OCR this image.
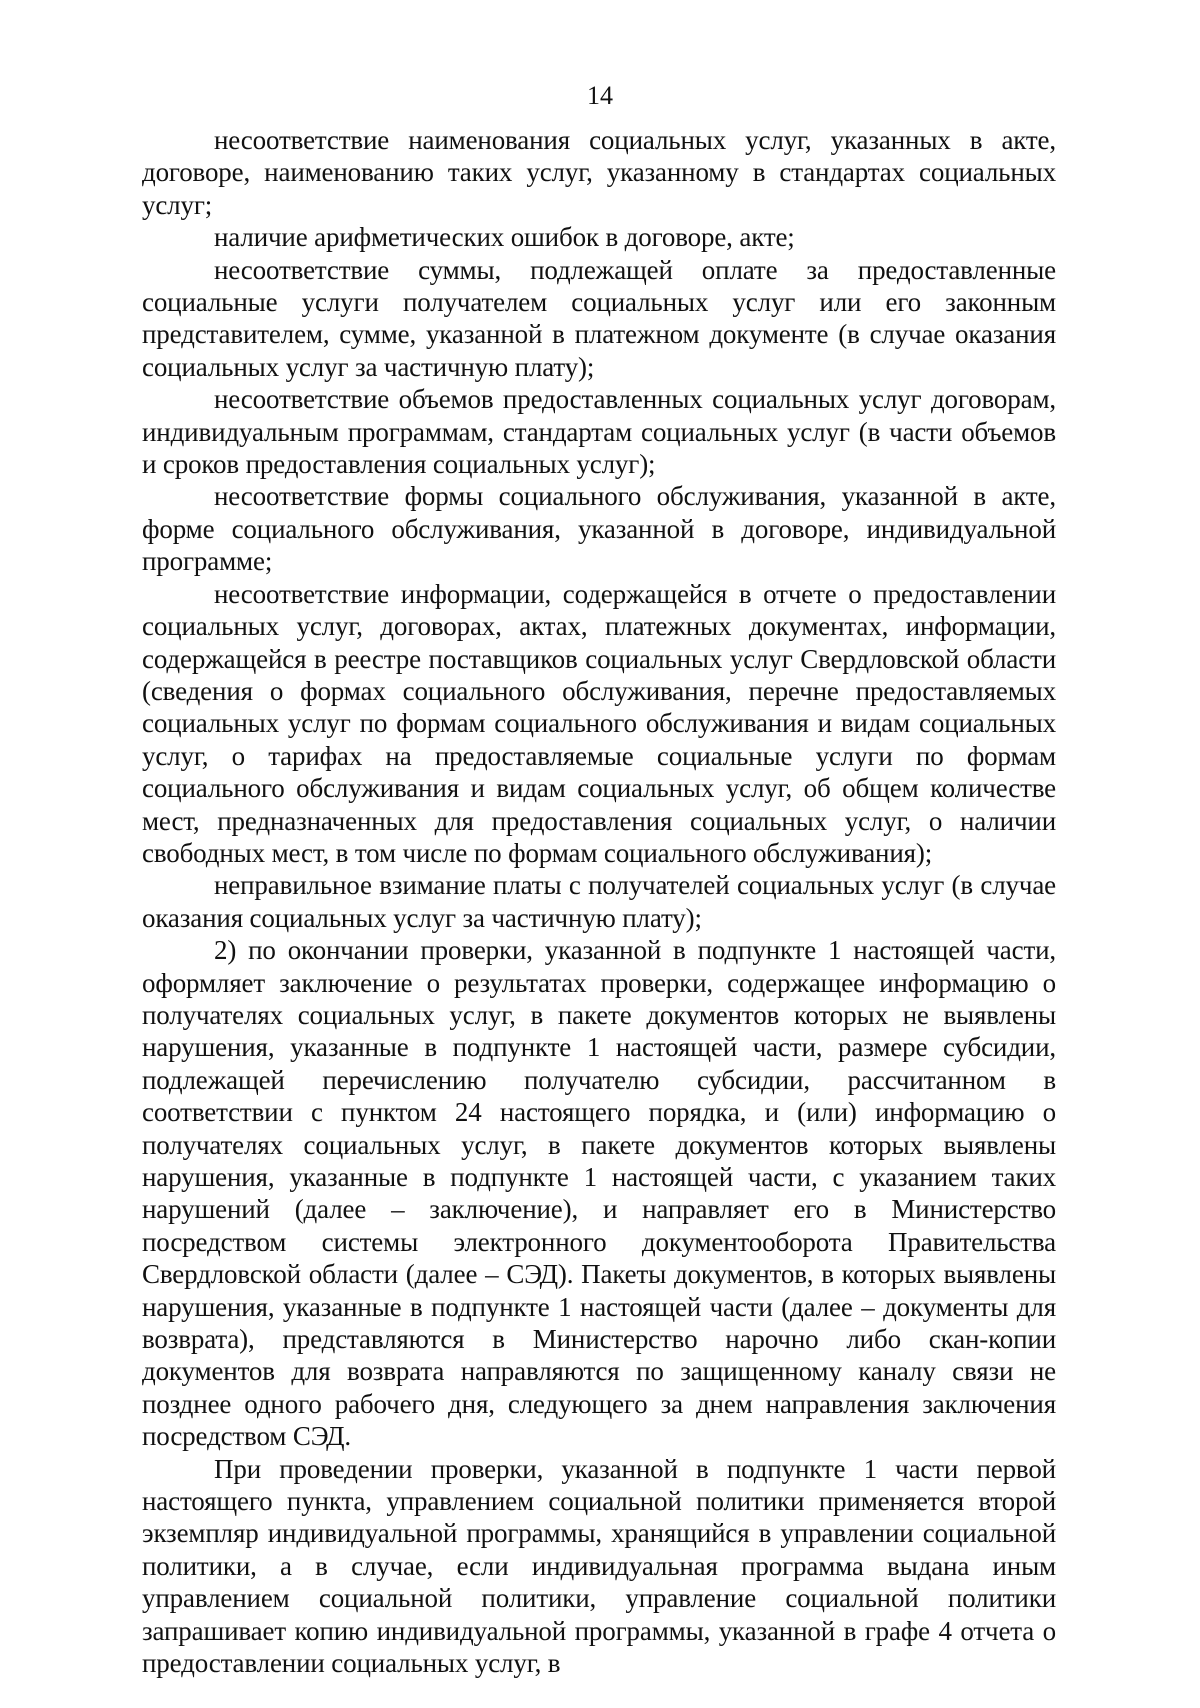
14

несоответствие наименования социальных услуг, указанных в акте, договоре, наименованию таких услуг, указанному в стандартах социальных услуг;

наличие арифметических ошибок в договоре, акте;

несоответствие суммы, подлежащей оплате за предоставленные социальные услуги получателем социальных услуг или его законным представителем, сумме, указанной в платежном документе (в случае оказания социальных услуг за частичную плату);

несоответствие объемов предоставленных социальных услуг договорам, индивидуальным программам, стандартам социальных услуг (в части объемов и сроков предоставления социальных услуг);

несоответствие формы социального обслуживания, указанной в акте, форме социального обслуживания, указанной в договоре, индивидуальной программе;

несоответствие информации, содержащейся в отчете о предоставлении социальных услуг, договорах, актах, платежных документах, информации, содержащейся в реестре поставщиков социальных услуг Свердловской области (сведения о формах социального обслуживания, перечне предоставляемых социальных услуг по формам социального обслуживания и видам социальных услуг, о тарифах на предоставляемые социальные услуги по формам социального обслуживания и видам социальных услуг, об общем количестве мест, предназначенных для предоставления социальных услуг, о наличии свободных мест, в том числе по формам социального обслуживания);

неправильное взимание платы с получателей социальных услуг (в случае оказания социальных услуг за частичную плату);

2) по окончании проверки, указанной в подпункте 1 настоящей части, оформляет заключение о результатах проверки, содержащее информацию о получателях социальных услуг, в пакете документов которых не выявлены нарушения, указанные в подпункте 1 настоящей части, размере субсидии, подлежащей перечислению получателю субсидии, рассчитанном в соответствии с пунктом 24 настоящего порядка, и (или) информацию о получателях социальных услуг, в пакете документов которых выявлены нарушения, указанные в подпункте 1 настоящей части, с указанием таких нарушений (далее – заключение), и направляет его в Министерство посредством системы электронного документооборота Правительства Свердловской области (далее – СЭД). Пакеты документов, в которых выявлены нарушения, указанные в подпункте 1 настоящей части (далее – документы для возврата), представляются в Министерство нарочно либо скан-копии документов для возврата направляются по защищенному каналу связи не позднее одного рабочего дня, следующего за днем направления заключения посредством СЭД.

При проведении проверки, указанной в подпункте 1 части первой настоящего пункта, управлением социальной политики применяется второй экземпляр индивидуальной программы, хранящийся в управлении социальной политики, а в случае, если индивидуальная программа выдана иным управлением социальной политики, управление социальной политики запрашивает копию индивидуальной программы, указанной в графе 4 отчета о предоставлении социальных услуг, в
